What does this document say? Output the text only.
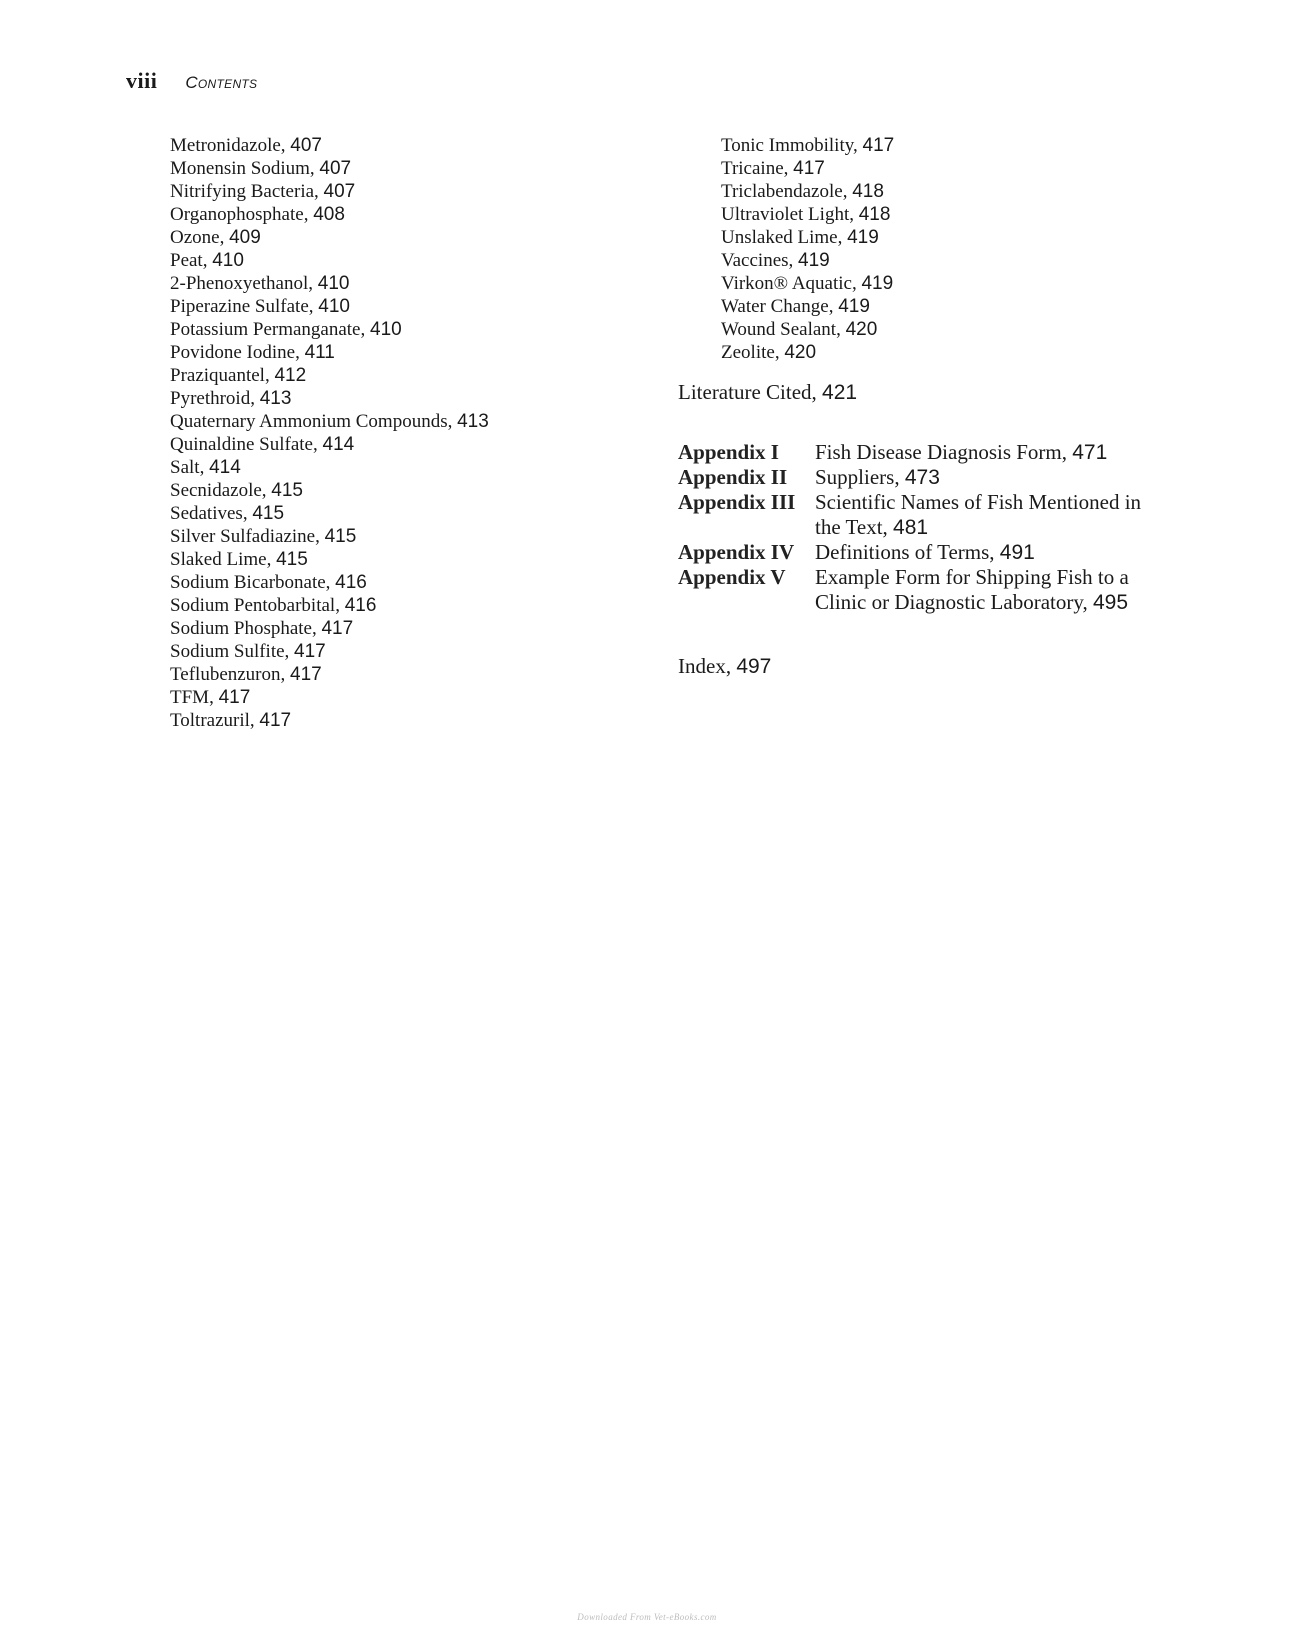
viii Contents
Metronidazole, 407
Monensin Sodium, 407
Nitrifying Bacteria, 407
Organophosphate, 408
Ozone, 409
Peat, 410
2-Phenoxyethanol, 410
Piperazine Sulfate, 410
Potassium Permanganate, 410
Povidone Iodine, 411
Praziquantel, 412
Pyrethroid, 413
Quaternary Ammonium Compounds, 413
Quinaldine Sulfate, 414
Salt, 414
Secnidazole, 415
Sedatives, 415
Silver Sulfadiazine, 415
Slaked Lime, 415
Sodium Bicarbonate, 416
Sodium Pentobarbital, 416
Sodium Phosphate, 417
Sodium Sulfite, 417
Teflubenzuron, 417
TFM, 417
Toltrazuril, 417
Tonic Immobility, 417
Tricaine, 417
Triclabendazole, 418
Ultraviolet Light, 418
Unslaked Lime, 419
Vaccines, 419
Virkon® Aquatic, 419
Water Change, 419
Wound Sealant, 420
Zeolite, 420

Literature Cited, 421

Appendix I	Fish Disease Diagnosis Form, 471
Appendix II	Suppliers, 473
Appendix III	Scientific Names of Fish Mentioned in the Text, 481
Appendix IV	Definitions of Terms, 491
Appendix V	Example Form for Shipping Fish to a Clinic or Diagnostic Laboratory, 495

Index, 497

Downloaded From Vet-eBooks.com
